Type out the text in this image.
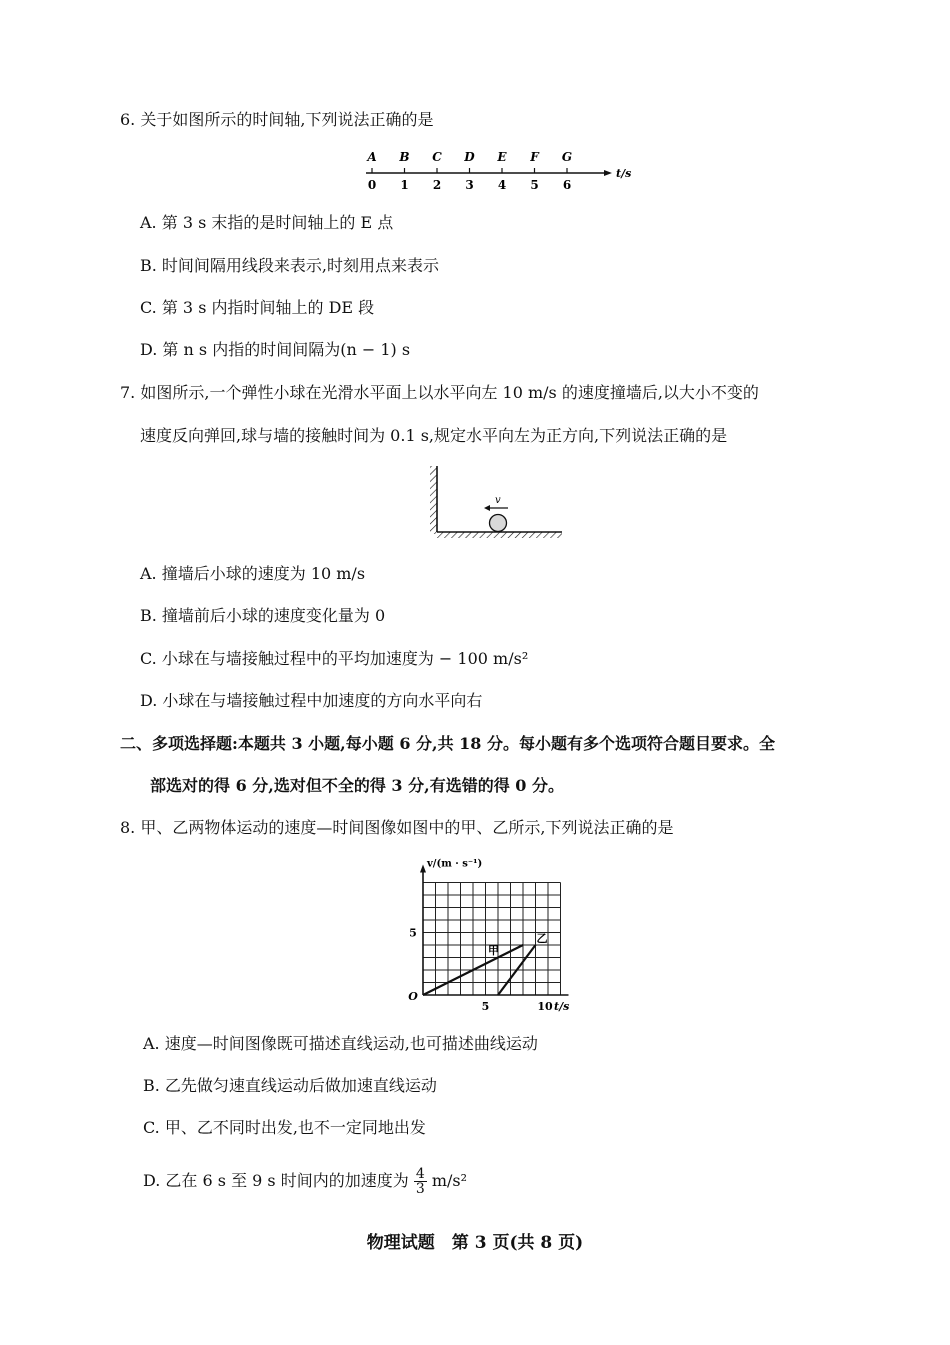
6. 关于如图所示的时间轴,下列说法正确的是
A
0
B
1
C
2
D
3
E
4
F
5
G
6
t/s
A. 第 3 s 末指的是时间轴上的 E 点
B. 时间间隔用线段来表示,时刻用点来表示
C. 第 3 s 内指时间轴上的 DE 段
D. 第 n s 内指的时间间隔为(n − 1) s
7. 如图所示,一个弹性小球在光滑水平面上以水平向左 10 m/s 的速度撞墙后,以大小不变的
速度反向弹回,球与墙的接触时间为 0.1 s,规定水平向左为正方向,下列说法正确的是
v
A. 撞墙后小球的速度为 10 m/s
B. 撞墙前后小球的速度变化量为 0
C. 小球在与墙接触过程中的平均加速度为 − 100 m/s²
D. 小球在与墙接触过程中加速度的方向水平向右
二、多项选择题:本题共 3 小题,每小题 6 分,共 18 分。每小题有多个选项符合题目要求。全
部选对的得 6 分,选对但不全的得 3 分,有选错的得 0 分。
8. 甲、乙两物体运动的速度—时间图像如图中的甲、乙所示,下列说法正确的是
甲
乙
v/(m · s⁻¹)
5
O
5	10 t/s
A. 速度—时间图像既可描述直线运动,也可描述曲线运动
B. 乙先做匀速直线运动后做加速直线运动
C. 甲、乙不同时出发,也不一定同地出发
D. 乙在 6 s 至 9 s 时间内的加速度为 $\frac{4}{3} m/s^2$
物理试题　第 3 页(共 8 页)
